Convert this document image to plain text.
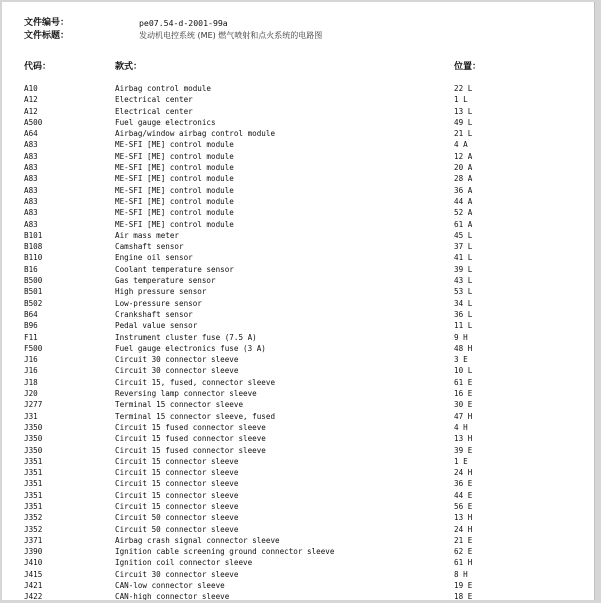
文件编号：	pe07.54-d-2001-99a
文件标题：	发动机电控系统 (ME) 燃气喷射和点火系统的电路图
代码：	款式：	位置：
A10	Airbag control module	22 L
A12	Electrical center	1 L
A12	Electrical center	13 L
A500	Fuel gauge electronics	49 L
A64	Airbag/window airbag control module	21 L
A83	ME-SFI [ME] control module	4 A
A83	ME-SFI [ME] control module	12 A
A83	ME-SFI [ME] control module	20 A
A83	ME-SFI [ME] control module	28 A
A83	ME-SFI [ME] control module	36 A
A83	ME-SFI [ME] control module	44 A
A83	ME-SFI [ME] control module	52 A
A83	ME-SFI [ME] control module	61 A
B101	Air mass meter	45 L
B108	Camshaft sensor	37 L
B110	Engine oil sensor	41 L
B16	Coolant temperature sensor	39 L
B500	Gas temperature sensor	43 L
B501	High pressure sensor	53 L
B502	Low-pressure sensor	34 L
B64	Crankshaft sensor	36 L
B96	Pedal value sensor	11 L
F11	Instrument cluster fuse (7.5 A)	9 H
F500	Fuel gauge electronics fuse (3 A)	48 H
J16	Circuit 30 connector sleeve	3 E
J16	Circuit 30 connector sleeve	10 L
J18	Circuit 15, fused, connector sleeve	61 E
J20	Reversing lamp connector sleeve	16 E
J277	Terminal 15 connector sleeve	30 E
J31	Terminal 15 connector sleeve, fused	47 H
J350	Circuit 15 fused connector sleeve	4 H
J350	Circuit 15 fused connector sleeve	13 H
J350	Circuit 15 fused connector sleeve	39 E
J351	Circuit 15 connector sleeve	1 E
J351	Circuit 15 connector sleeve	24 H
J351	Circuit 15 connector sleeve	36 E
J351	Circuit 15 connector sleeve	44 E
J351	Circuit 15 connector sleeve	56 E
J352	Circuit 50 connector sleeve	13 H
J352	Circuit 50 connector sleeve	24 H
J371	Airbag crash signal connector sleeve	21 E
J390	Ignition cable screening ground connector sleeve	62 E
J410	Ignition coil connector sleeve	61 H
J415	Circuit 30 connector sleeve	8 H
J421	CAN-low connector sleeve	19 E
J422	CAN-high connector sleeve	18 E
